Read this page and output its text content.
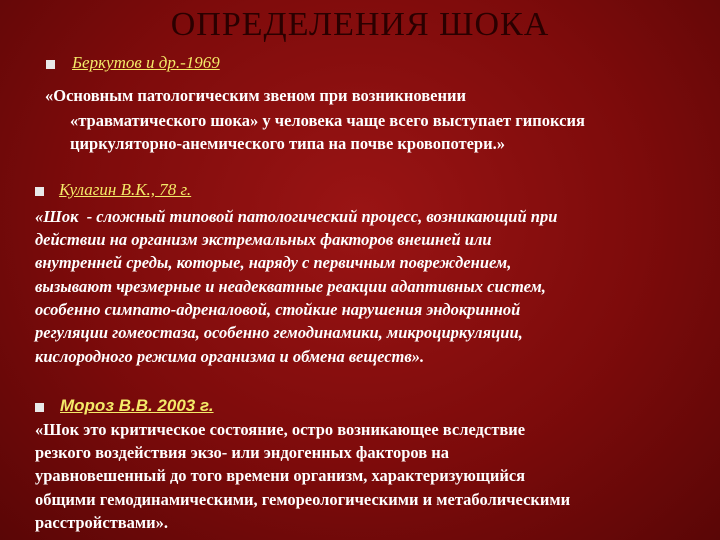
ОПРЕДЕЛЕНИЯ ШОКА
Беркутов и др.-1969
«Основным патологическим звеном при возникновении
«травматического шока» у человека чаще всего выступает гипоксия
циркуляторно-анемического типа на почве кровопотери.»
Кулагин В.К., 78 г.
«Шок  - сложный типовой патологический процесс, возникающий при
действии на организм экстремальных факторов внешней или
внутренней среды, которые, наряду с первичным повреждением,
вызывают чрезмерные и неадекватные реакции адаптивных систем,
особенно симпато-адреналовой, стойкие нарушения эндокринной
регуляции гомеостаза, особенно гемодинамики, микроциркуляции,
кислородного режима организма и обмена веществ».
Мороз В.В. 2003 г.
«Шок это критическое состояние, остро возникающее вследствие
резкого воздействия экзо- или эндогенных факторов на
уравновешенный до того времени организм, характеризующийся
общими гемодинамическими, гемореологическими и метаболическими
расстройствами».
